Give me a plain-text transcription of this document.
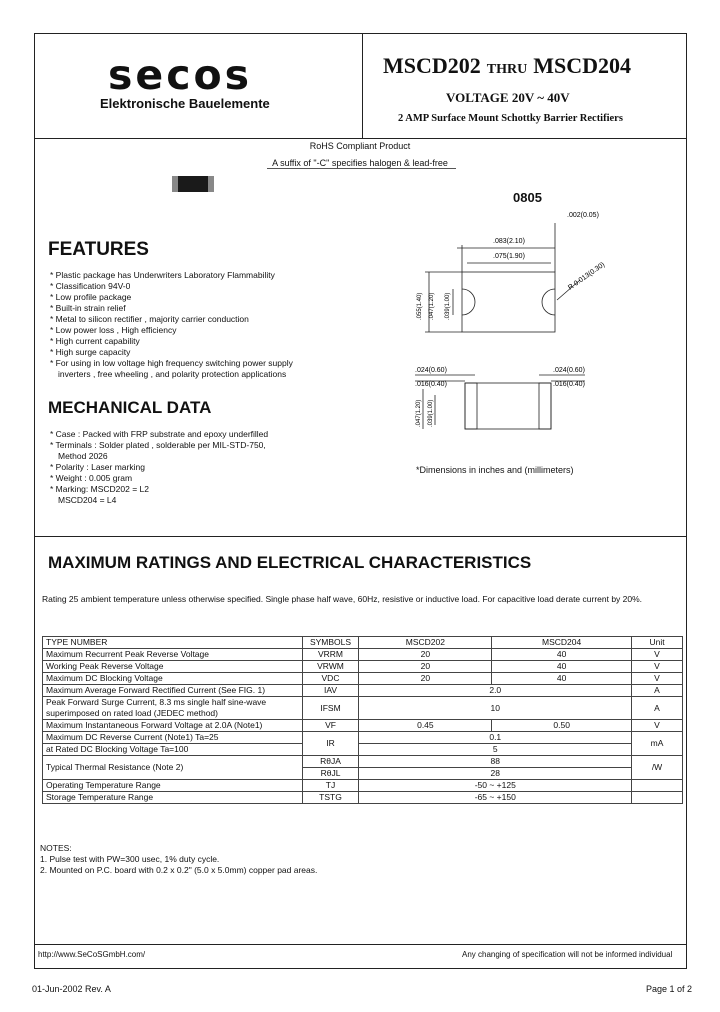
secos
Elektronische Bauelemente
MSCD202 THRU MSCD204
VOLTAGE 20V ~ 40V
2 AMP Surface Mount Schottky Barrier Rectifiers
RoHS Compliant Product
A suffix of "-C" specifies halogen & lead-free
0805
.083(2.10)
.075(1.90)
.002(0.05)
R 0.013(0.30)
.055(1.40) .047(1.20) .039(1.00)
.024(0.60)
.016(0.40)
.024(0.60)
.016(0.40)
.047(1.20) .039(1.00)
*Dimensions in inches and (millimeters)
FEATURES
* Plastic package has Underwriters Laboratory Flammability
* Classification 94V-0
* Low profile package
* Built-in strain relief
* Metal to silicon rectifier , majority carrier conduction
* Low power loss , High efficiency
* High current capability
* High surge capacity
* For using in low voltage high frequency switching power supply
inverters , free wheeling , and polarity protection applications
MECHANICAL DATA
* Case : Packed with FRP substrate and epoxy underfilled
* Terminals : Solder plated , solderable per MIL-STD-750,
Method 2026
* Polarity : Laser marking
* Weight : 0.005 gram
* Marking: MSCD202 = L2
MSCD204 = L4
MAXIMUM RATINGS AND ELECTRICAL CHARACTERISTICS
Rating 25 ambient temperature unless otherwise specified. Single phase half wave, 60Hz, resistive or inductive load. For capacitive load derate current by 20%.
TYPE NUMBER	SYMBOLS	MSCD202	MSCD204	Unit
Maximum Recurrent Peak Reverse Voltage	VRRM	20	40	V
Working Peak Reverse Voltage	VRWM	20	40	V
Maximum DC Blocking Voltage	VDC	20	40	V
Maximum Average Forward Rectified Current (See FIG. 1)	IAV	2.0		A

Peak Forward Surge Current, 8.3 ms single half sine-wave
superimposed on rated load (JEDEC method)	IFSM	10		A
Maximum Instantaneous Forward Voltage at 2.0A (Note1)	VF	0.45	0.50	V
Maximum DC Reverse Current (Note1) Ta=25	IR	0.1		mA
at Rated DC Blocking Voltage Ta=100		5		
Typical Thermal Resistance (Note 2)	RθJA	88		/W
	RθJL	28		
Operating Temperature Range	TJ	-50 ~ +125		
Storage Temperature Range	TSTG	-65 ~ +150		
NOTES:
1. Pulse test with PW=300 usec, 1% duty cycle.
2. Mounted on P.C. board with 0.2 x 0.2" (5.0 x 5.0mm) copper pad areas.
http://www.SeCoSGmbH.com/	Any changing of specification will not be informed individual
01-Jun-2002 Rev. A	Page 1 of 2
